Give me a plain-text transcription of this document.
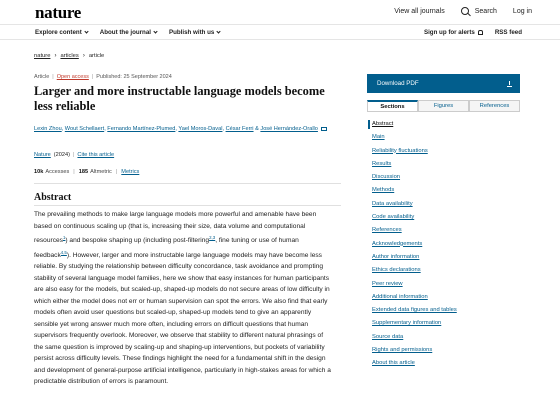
nature	View all journals	Search Log in
Explore content	About the journal	Publish with us	Sign up for alerts	RSS feed
nature › articles › article
Article | Open access | Published: 25 September 2024
Larger and more instructable language models become less reliable
Lexin Zhou, Wout Schellaert, Fernando Martínez-Plumed, Yael Moros-Daval, César Ferri & José Hernández-Orallo
Nature (2024) | Cite this article
10k Accesses | 185 Altmetric | Metrics
Abstract

The prevailing methods to make large language models more powerful and amenable have been based on continuous scaling up (that is, increasing their size, data volume and computational resources$^1$) and bespoke shaping up (including post-filtering$^{2,3}$, fine tuning or use of human feedback$^{4,5}$). However, larger and more instructable large language models may have become less reliable. By studying the relationship between difficulty concordance, task avoidance and prompting stability of several language model families, here we show that easy instances for human participants are also easy for the models, but scaled-up, shaped-up models do not secure areas of low difficulty in which either the model does not err or human supervision can spot the errors. We also find that early models often avoid user questions but scaled-up, shaped-up models tend to give an apparently sensible yet wrong answer much more often, including errors on difficult questions that human supervisors frequently overlook. Moreover, we observe that stability to different natural phrasings of the same question is improved by scaling-up and shaping-up interventions, but pockets of variability persist across difficulty levels. These findings highlight the need for a fundamental shift in the design and development of general-purpose artificial intelligence, particularly in high-stakes areas for which a predictable distribution of errors is paramount.

Download PDF
Sections	Figures	References
Abstract
Main
Reliability fluctuations
Results
Discussion
Methods
Data availability
Code availability
References
Acknowledgements
Author information
Ethics declarations
Peer review
Additional information
Extended data figures and tables
Supplementary information
Source data
Rights and permissions
About this article
